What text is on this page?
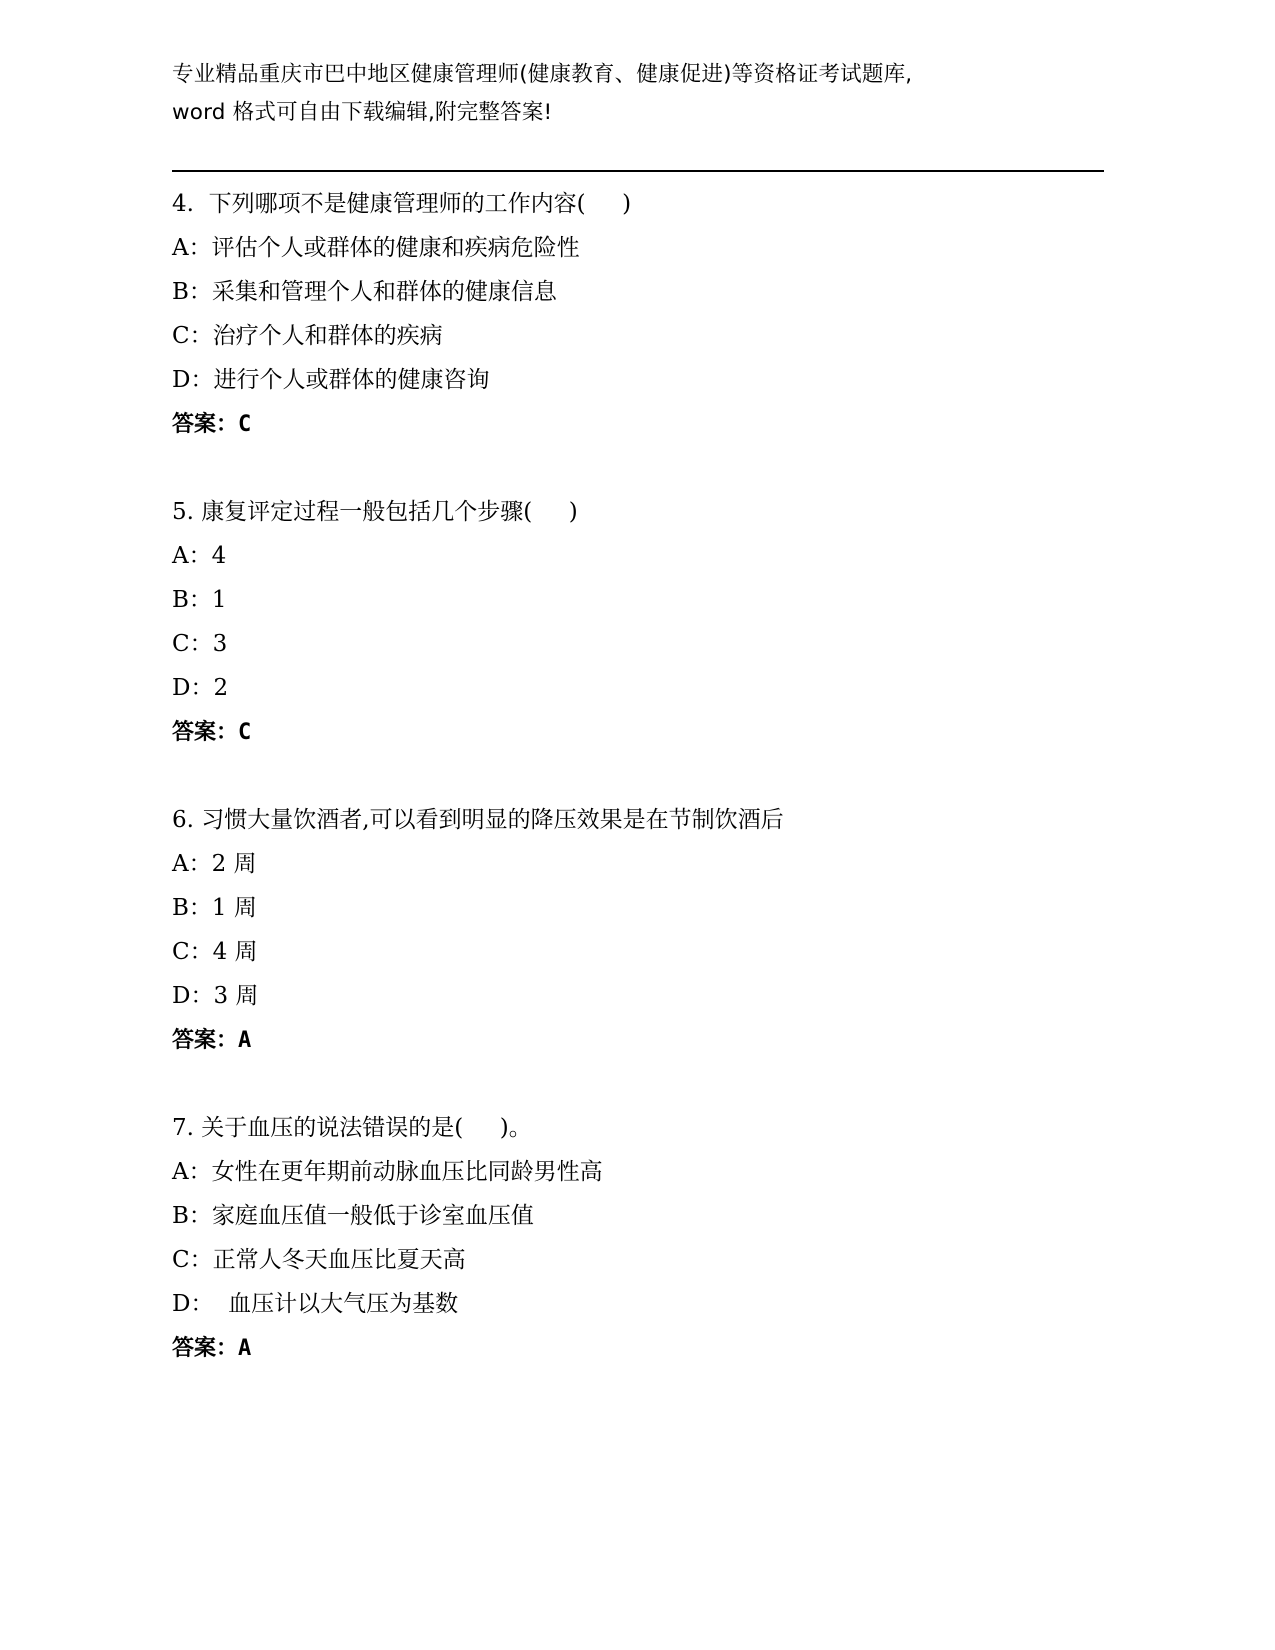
专业精品重庆市巴中地区健康管理师(健康教育、健康促进)等资格证考试题库,
word 格式可自由下载编辑,附完整答案!
4.  下列哪项不是健康管理师的工作内容(     )
A：评估个人或群体的健康和疾病危险性
B：采集和管理个人和群体的健康信息
C：治疗个人和群体的疾病
D：进行个人或群体的健康咨询
答案：C
5. 康复评定过程一般包括几个步骤(     )
A：4
B：1
C：3
D：2
答案：C
6. 习惯大量饮酒者,可以看到明显的降压效果是在节制饮酒后
A：2 周
B：1 周
C：4 周
D：3 周
答案：A
7. 关于血压的说法错误的是(     )。
A：女性在更年期前动脉血压比同龄男性高
B：家庭血压值一般低于诊室血压值
C：正常人冬天血压比夏天高
D：  血压计以大气压为基数
答案：A
